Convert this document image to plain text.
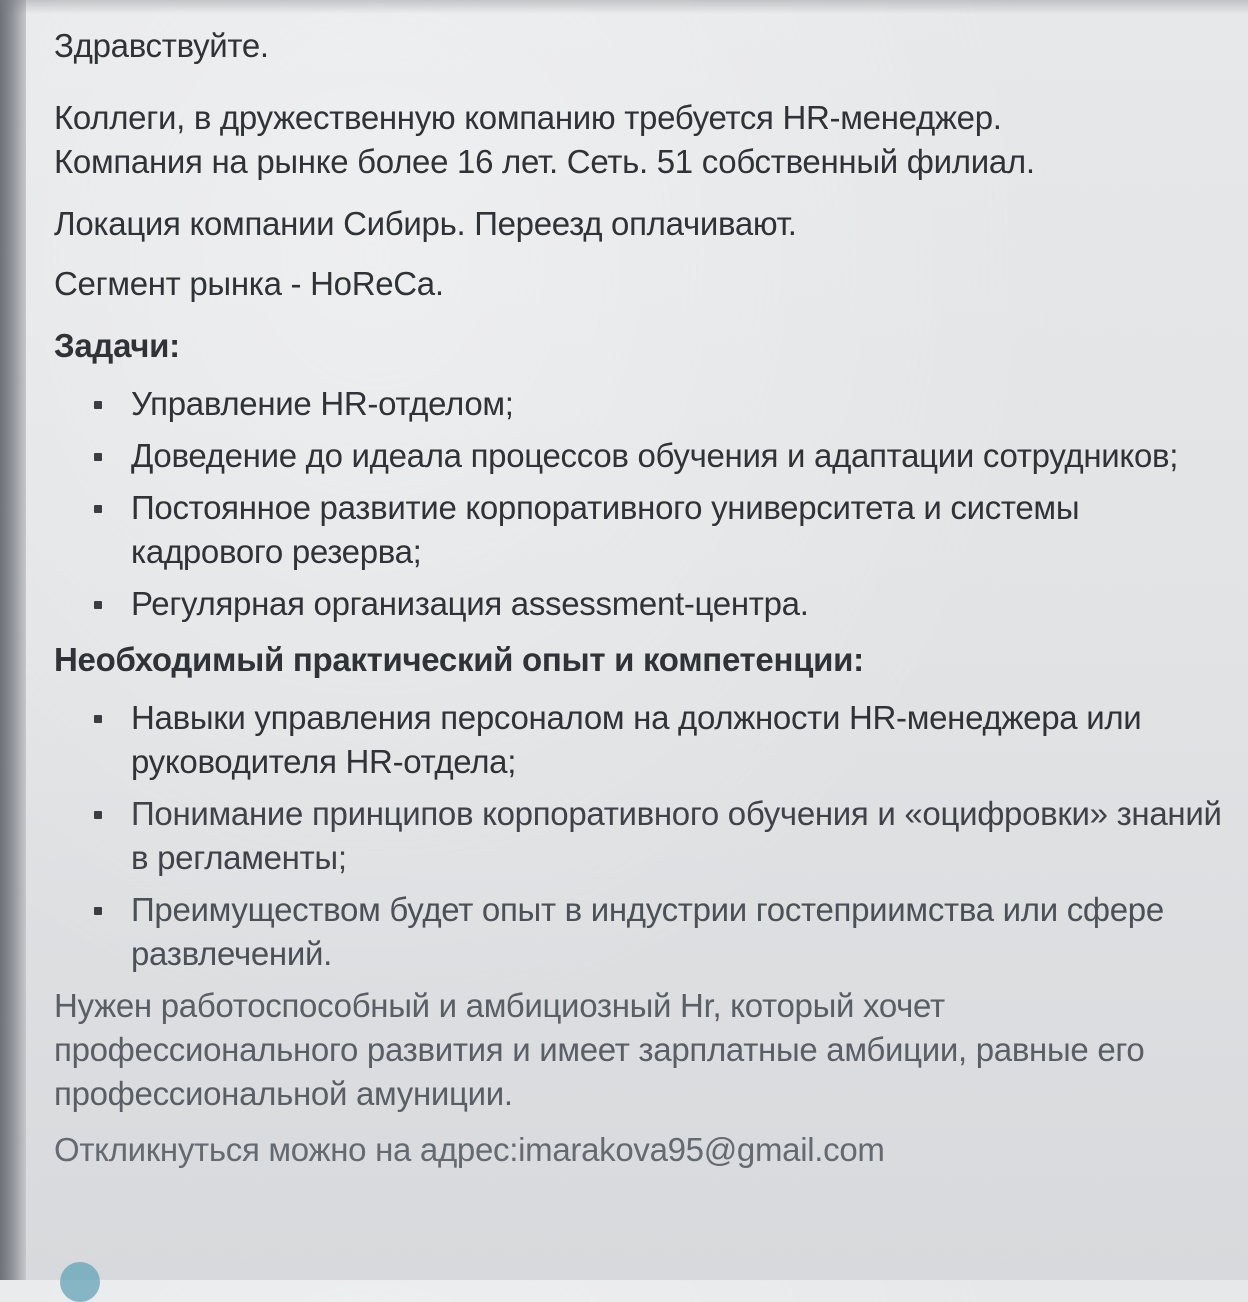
Здравствуйте.

Коллеги, в дружественную компанию требуется HR-менеджер.

Компания на рынке более 16 лет. Сеть. 51 собственный филиал.

Локация компании Сибирь. Переезд оплачивают.

Сегмент рынка - HoReCa.

Задачи:

Управление HR-отделом;
Доведение до идеала процессов обучения и адаптации сотрудников;
Постоянное развитие корпоративного университета и системы кадрового резерва;
Регулярная организация assessment-центра.

Необходимый практический опыт и компетенции:

Навыки управления персоналом на должности HR-менеджера или руководителя HR-отдела;
Понимание принципов корпоративного обучения и «оцифровки» знаний в регламенты;
Преимуществом будет опыт в индустрии гостеприимства или сфере развлечений.

Нужен работоспособный и амбициозный Hr, который хочет профессионального развития и имеет зарплатные амбиции, равные его профессиональной амуниции.

Откликнуться можно на адрес:imarakova95@gmail.com
